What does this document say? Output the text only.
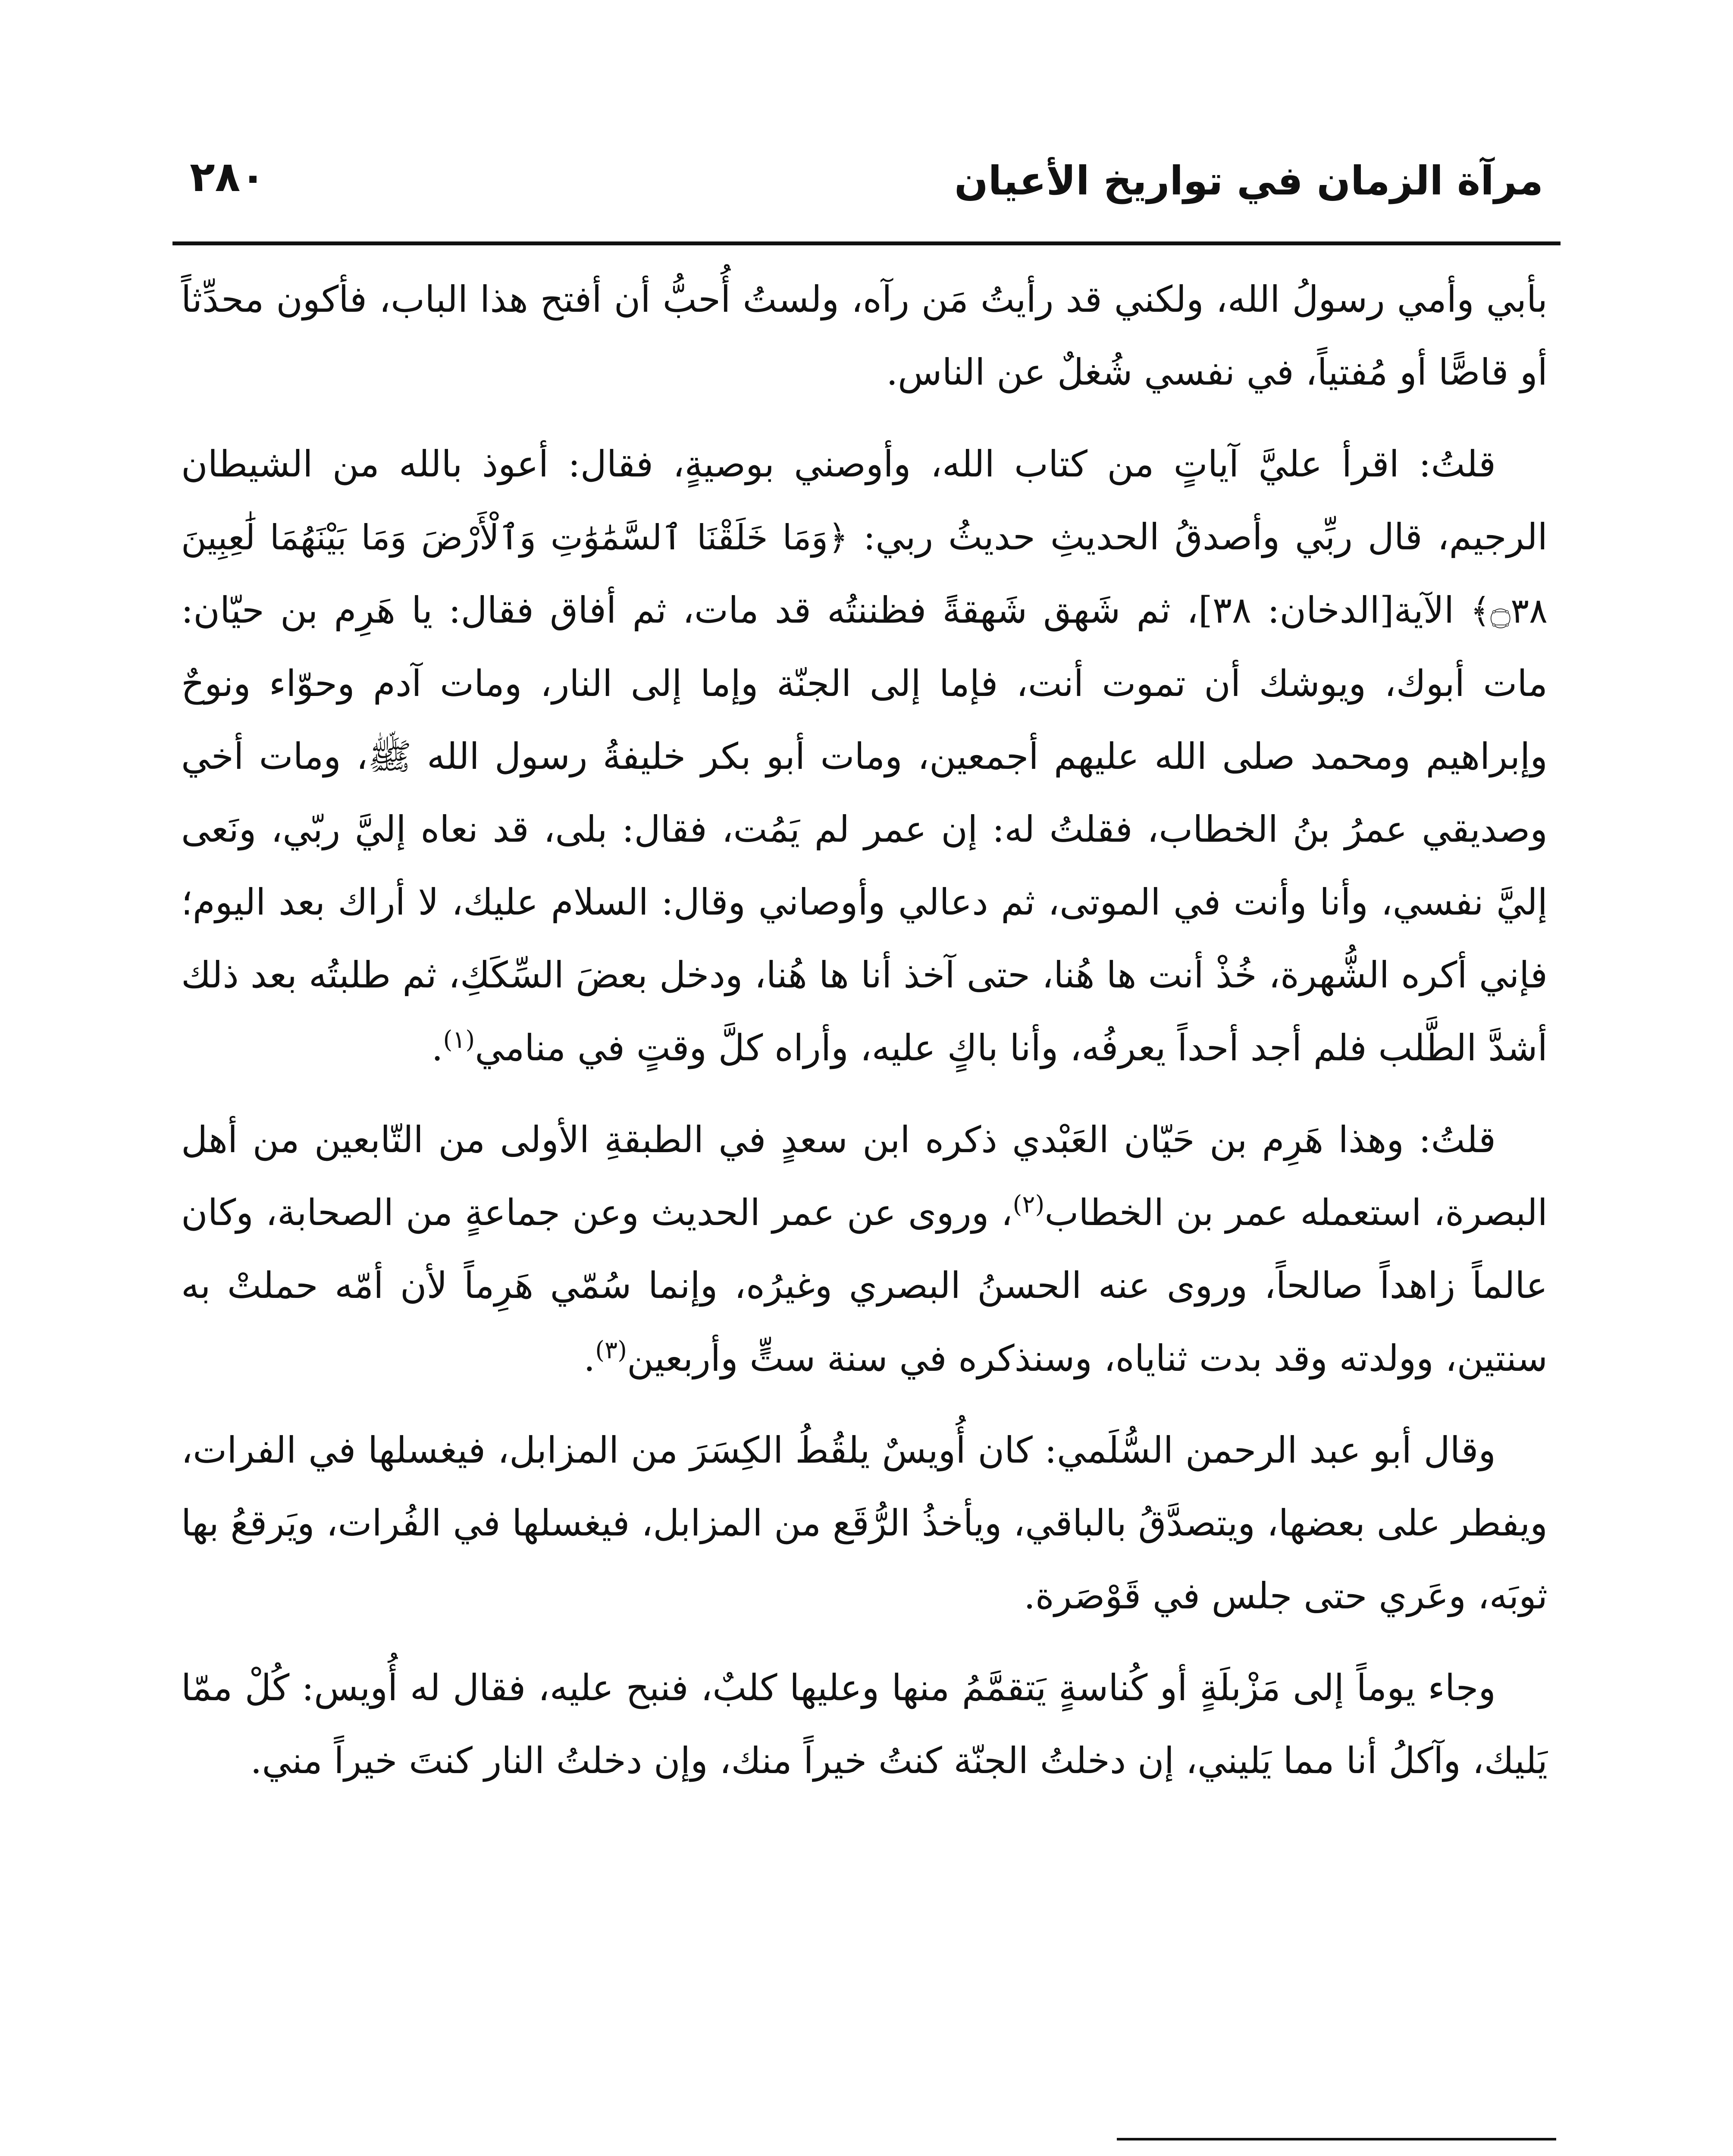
مرآة الزمان في تواريخ الأعيان
٢٨٠

بأبي وأمي رسولُ الله، ولكني قد رأيتُ مَن رآه، ولستُ أُحبُّ أن أفتح هذا الباب، فأكون محدِّثاً أو قاصًّا أو مُفتياً، في نفسي شُغلٌ عن الناس.

قلتُ: اقرأ عليَّ آياتٍ من كتاب الله، وأوصني بوصيةٍ، فقال: أعوذ بالله من الشيطان الرجيم، قال ربِّي وأصدقُ الحديثِ حديثُ ربي: ﴿وَمَا خَلَقْنَا ٱلسَّمَٰوَٰتِ وَٱلْأَرْضَ وَمَا بَيْنَهُمَا لَٰعِبِينَ ۝٣٨﴾ الآية[الدخان: ٣٨]، ثم شَهق شَهقةً فظننتُه قد مات، ثم أفاق فقال: يا هَرِم بن حيّان: مات أبوك، ويوشك أن تموت أنت، فإما إلى الجنّة وإما إلى النار، ومات آدم وحوّاء ونوحٌ وإبراهيم ومحمد صلى الله عليهم أجمعين، ومات أبو بكر خليفةُ رسول الله ﷺ، ومات أخي وصديقي عمرُ بنُ الخطاب، فقلتُ له: إن عمر لم يَمُت، فقال: بلى، قد نعاه إليَّ ربّي، ونَعى إليَّ نفسي، وأنا وأنت في الموتى، ثم دعالي وأوصاني وقال: السلام عليك، لا أراك بعد اليوم؛ فإني أكره الشُّهرة، خُذْ أنت ها هُنا، حتى آخذ أنا ها هُنا، ودخل بعضَ السِّكَكِ، ثم طلبتُه بعد ذلك أشدَّ الطَّلب فلم أجد أحداً يعرفُه، وأنا باكٍ عليه، وأراه كلَّ وقتٍ في منامي$^{(١)}$.

قلتُ: وهذا هَرِم بن حَيّان العَبْدي ذكره ابن سعدٍ في الطبقةِ الأولى من التّابعين من أهل البصرة، استعمله عمر بن الخطاب$^{(٢)}$، وروى عن عمر الحديث وعن جماعةٍ من الصحابة، وكان عالماً زاهداً صالحاً، وروى عنه الحسنُ البصري وغيرُه، وإنما سُمّي هَرِماً لأن أمّه حملتْ به سنتين، وولدته وقد بدت ثناياه، وسنذكره في سنة ستٍّ وأربعين$^{(٣)}$.

وقال أبو عبد الرحمن السُّلَمي: كان أُويسٌ يلقُطُ الكِسَرَ من المزابل، فيغسلها في الفرات، ويفطر على بعضها، ويتصدَّقُ بالباقي، ويأخذُ الرُّقَع من المزابل، فيغسلها في الفُرات، ويَرقعُ بها ثوبَه، وعَري حتى جلس في قَوْصَرة.

وجاء يوماً إلى مَزْبلَةٍ أو كُناسةٍ يَتقمَّمُ منها وعليها كلبٌ، فنبح عليه، فقال له أُويس: كُلْ ممّا يَليك، وآكلُ أنا مما يَليني، إن دخلتُ الجنّة كنتُ خيراً منك، وإن دخلتُ النار كنتَ خيراً مني.
